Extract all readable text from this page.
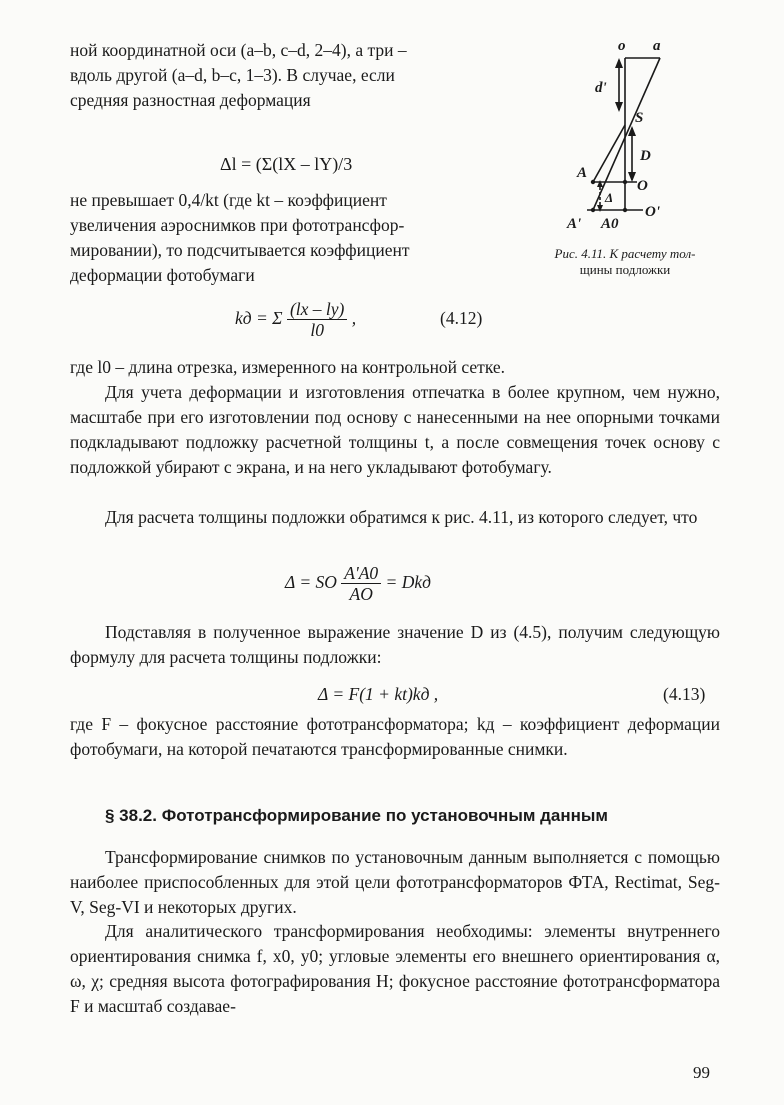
ной координатной оси (a–b, c–d, 2–4), а три –
вдоль другой (a–d, b–c, 1–3). В случае, если
средняя разностная деформация
Δl = (Σ(lX – lY)/3
не превышает 0,4/kt (где kt – коэффициент
увеличения аэроснимков при фототрансфор-
мировании), то подсчитывается коэффициент
деформации фотобумаги
o a
d'
S
D
A
O
Δ
A' A0
O'
Рис. 4.11. К расчету тол-
щины подложки
kд = Σ $\frac{(lx - ly)}{l0}$ ,	(4.12)
где l0 – длина отрезка, измеренного на контрольной сетке.
Для учета деформации и изготовления отпечатка в более крупном, чем нужно, масштабе при его изготовлении под основу с нанесенными на нее опорными точками подкладывают подложку расчетной толщины t, а после совмещения точек основу с подложкой убирают с экрана, и на него укладывают фотобумагу.
Для расчета толщины подложки обратимся к рис. 4.11, из которого следует, что
Δ = SO $\frac{A'A0}{AO}$ = Dkд
Подставляя в полученное выражение значение D из (4.5), получим следующую формулу для расчета толщины подложки:
Δ = F(1 + kt)kд ,	(4.13)
где F – фокусное расстояние фототрансформатора; kд – коэффициент деформации фотобумаги, на которой печатаются трансформированные снимки.
§ 38.2. Фототрансформирование по установочным данным
Трансформирование снимков по установочным данным выполняется с помощью наиболее приспособленных для этой цели фототрансформаторов ФТА, Rectimat, Seg-V, Seg-VI и некоторых других.
Для аналитического трансформирования необходимы: элементы внутреннего ориентирования снимка f, x0, y0; угловые элементы его внешнего ориентирования α, ω, χ; средняя высота фотографирования H; фокусное расстояние фототрансформатора F и масштаб создавае-
99
